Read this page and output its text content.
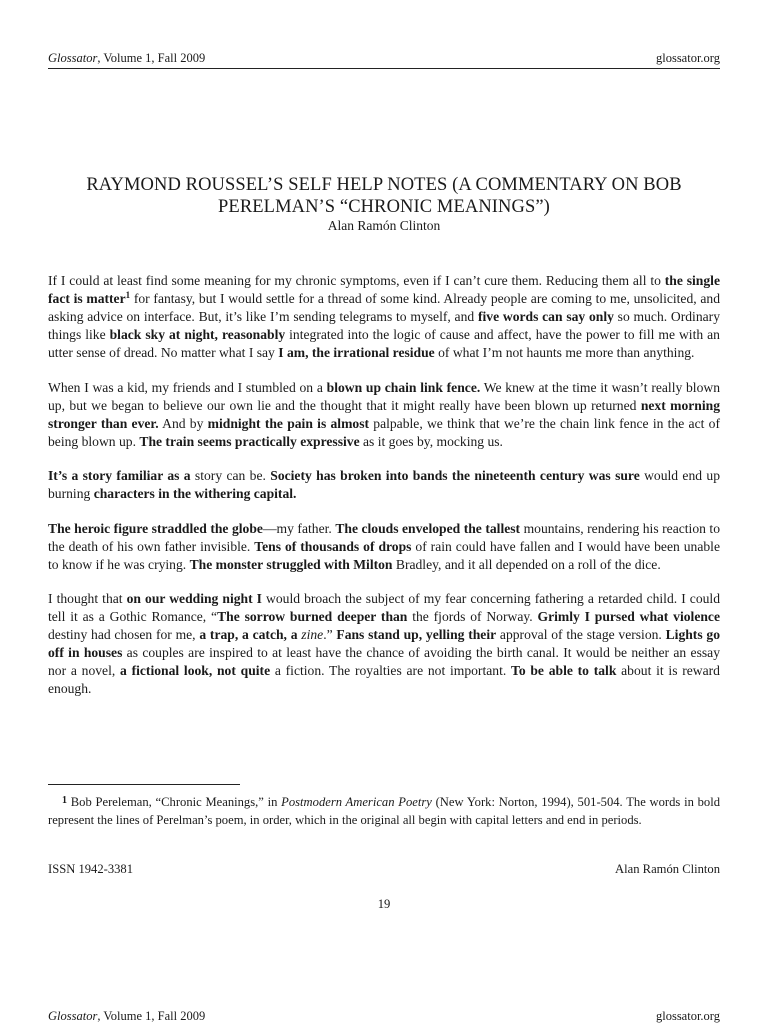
Glossator, Volume 1, Fall 2009	glossator.org
RAYMOND ROUSSEL’S SELF HELP NOTES (A COMMENTARY ON BOB
PERELMAN’S “CHRONIC MEANINGS”)

Alan Ramón Clinton

If I could at least find some meaning for my chronic symptoms, even if I can’t cure them. Reducing them all to the single fact is matter$^1$ for fantasy, but I would settle for a thread of some kind. Already people are coming to me, unsolicited, and asking advice on interface. But, it’s like I’m sending telegrams to myself, and five words can say only so much. Ordinary things like black sky at night, reasonably integrated into the logic of cause and affect, have the power to fill me with an utter sense of dread. No matter what I say I am, the irrational residue of what I’m not haunts me more than anything.

When I was a kid, my friends and I stumbled on a blown up chain link fence. We knew at the time it wasn’t really blown up, but we began to believe our own lie and the thought that it might really have been blown up returned next morning stronger than ever. And by midnight the pain is almost palpable, we think that we’re the chain link fence in the act of being blown up. The train seems practically expressive as it goes by, mocking us.

It’s a story familiar as a story can be. Society has broken into bands the nineteenth century was sure would end up burning characters in the withering capital.

The heroic figure straddled the globe—my father. The clouds enveloped the tallest mountains, rendering his reaction to the death of his own father invisible. Tens of thousands of drops of rain could have fallen and I would have been unable to know if he was crying. The monster struggled with Milton Bradley, and it all depended on a roll of the dice.

I thought that on our wedding night I would broach the subject of my fear concerning fathering a retarded child. I could tell it as a Gothic Romance, “The sorrow burned deeper than the fjords of Norway. Grimly I pursed what violence destiny had chosen for me, a trap, a catch, a zine.” Fans stand up, yelling their approval of the stage version. Lights go off in houses as couples are inspired to at least have the chance of avoiding the birth canal. It would be neither an essay nor a novel, a fictional look, not quite a fiction. The royalties are not important. To be able to talk about it is reward enough.

$^1$ Bob Pereleman, “Chronic Meanings,” in Postmodern American Poetry (New York: Norton, 1994), 501-504. The words in bold represent the lines of Perelman’s poem, in order, which in the original all begin with capital letters and end in periods.

ISSN 1942-3381	Alan Ramón Clinton
19
Glossator, Volume 1, Fall 2009	glossator.org
